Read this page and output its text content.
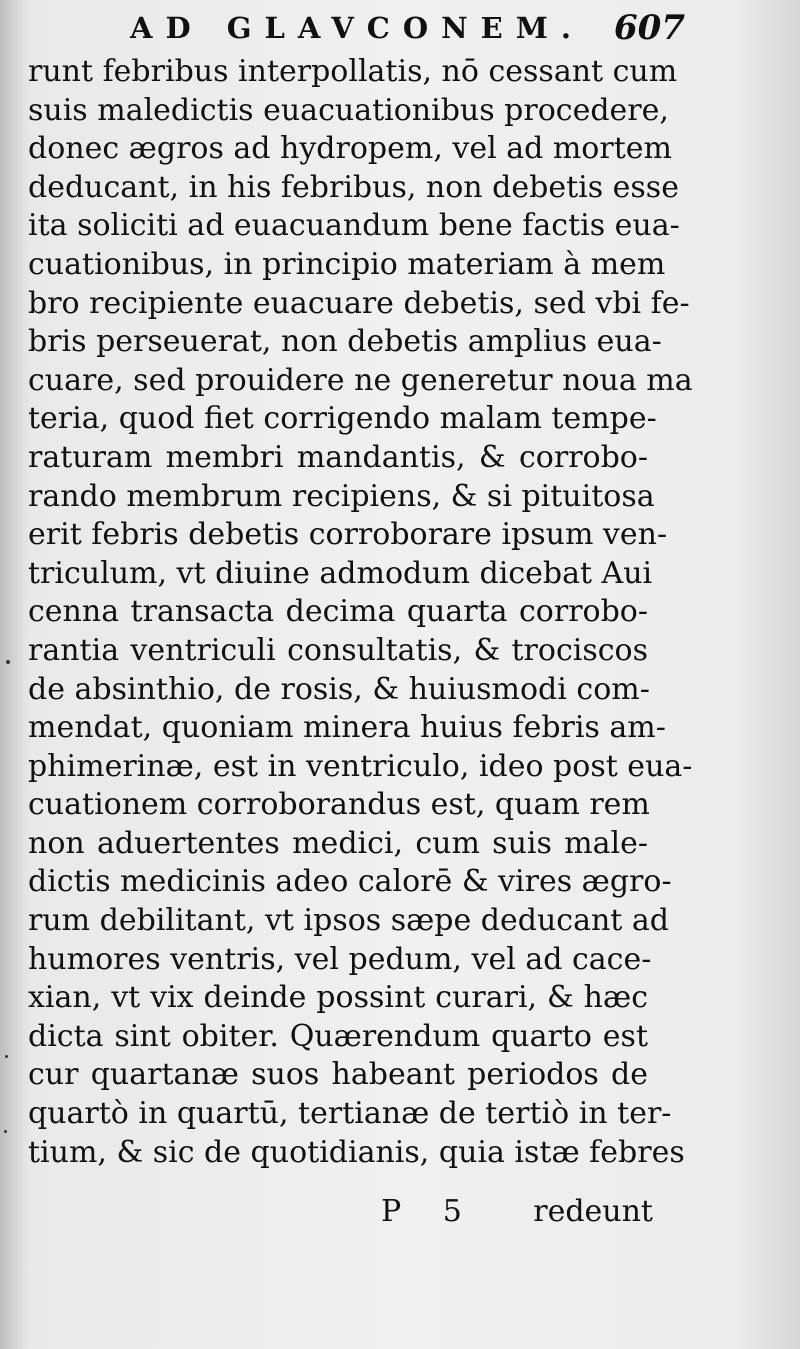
AD GLAVCONEM. 607
runt febribus interpollatis, nō cessant cum
suis maledictis euacuationibus procedere,
donec ægros ad hydropem, vel ad mortem
deducant, in his febribus, non debetis esse
ita soliciti ad euacuandum bene factis eua-
cuationibus, in principio materiam à mem
bro recipiente euacuare debetis, sed vbi fe-
bris perseuerat, non debetis amplius eua-
cuare, sed prouidere ne generetur noua ma
teria, quod fiet corrigendo malam tempe-
raturam membri mandantis, & corrobo-
rando membrum recipiens, & si pituitosa
erit febris debetis corroborare ipsum ven-
triculum, vt diuine admodum dicebat Aui
cenna transacta decima quarta corrobo-
rantia ventriculi consultatis, & trociscos
de absinthio, de rosis, & huiusmodi com-
mendat, quoniam minera huius febris am-
phimerinæ, est in ventriculo, ideo post eua-
cuationem corroborandus est, quam rem
non aduertentes medici, cum suis male-
dictis medicinis adeo calorē & vires ægro-
rum debilitant, vt ipsos sæpe deducant ad
humores ventris, vel pedum, vel ad cace-
xian, vt vix deinde possint curari, & hæc
dicta sint obiter. Quærendum quarto est
cur quartanæ suos habeant periodos de
quartò in quartū, tertianæ de tertiò in ter-
tium, & sic de quotidianis, quia istæ febres
P 5 redeunt
